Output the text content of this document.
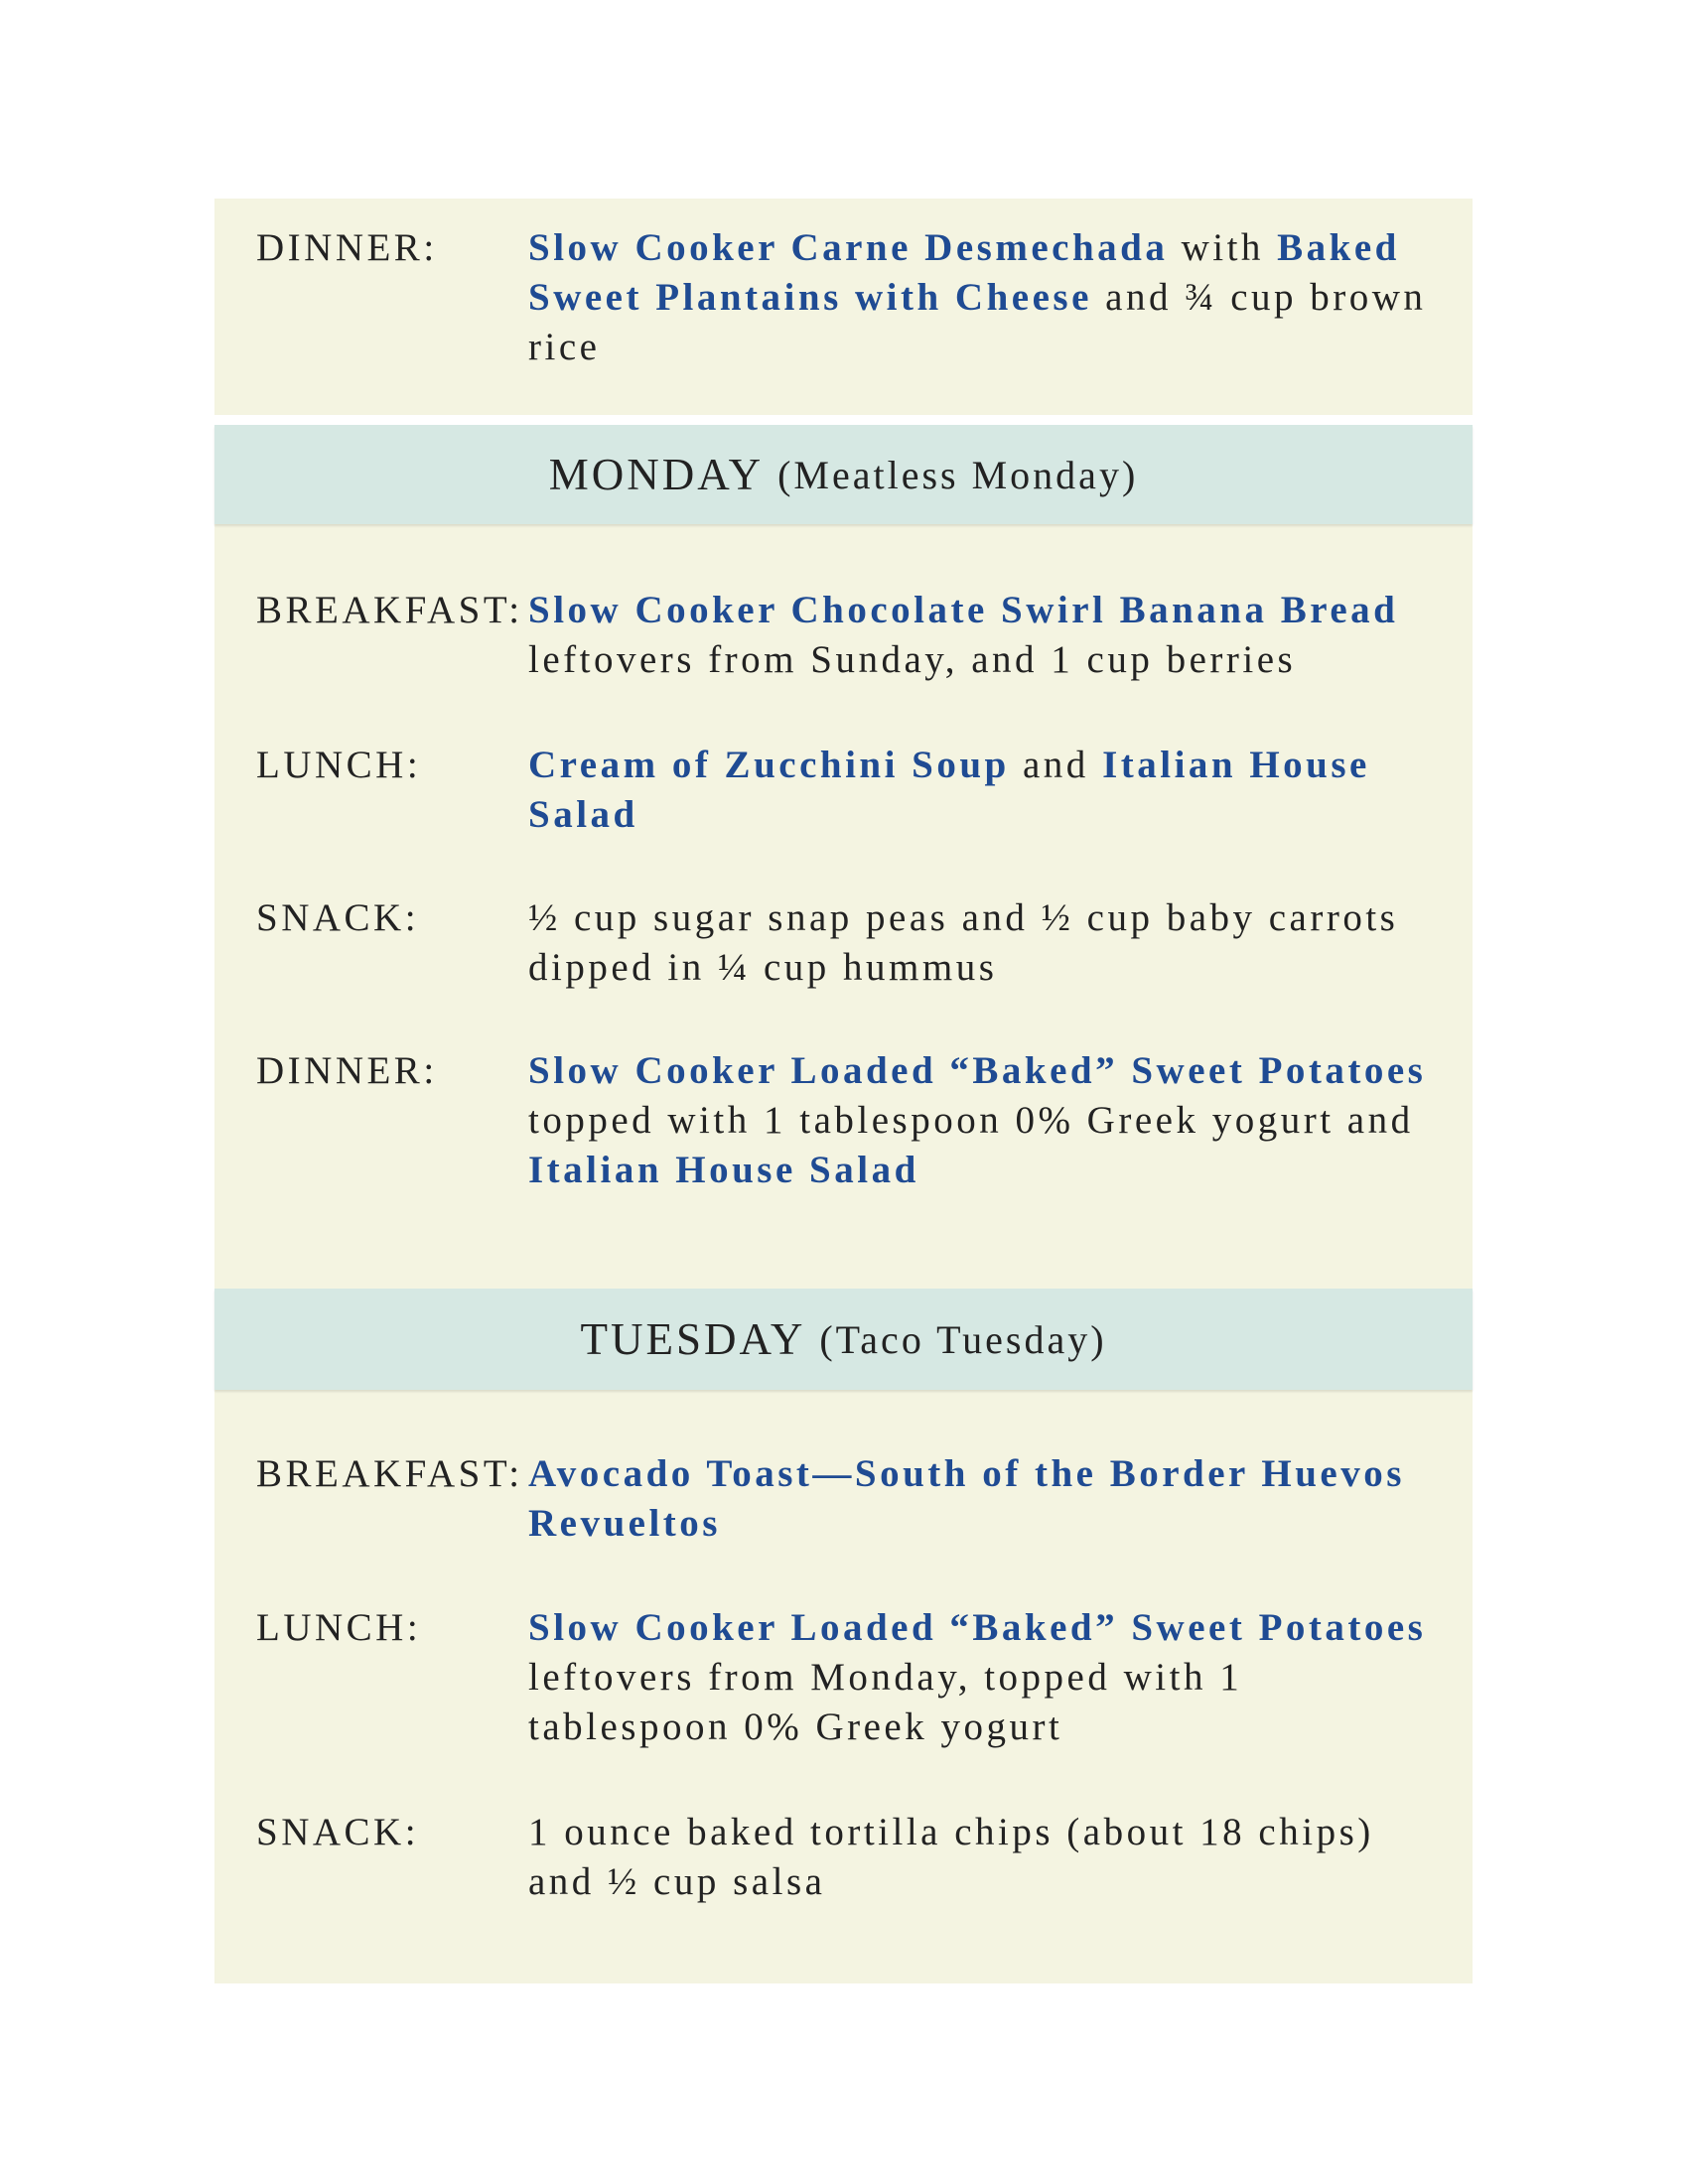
DINNER:	Slow Cooker Carne Desmechada with Baked Sweet Plantains with Cheese and ¾ cup brown rice
MONDAY (Meatless Monday)
BREAKFAST: Slow Cooker Chocolate Swirl Banana Bread leftovers from Sunday, and 1 cup berries
LUNCH:	Cream of Zucchini Soup and Italian House Salad
SNACK:	½ cup sugar snap peas and ½ cup baby carrots dipped in ¼ cup hummus
DINNER:	Slow Cooker Loaded “Baked” Sweet Potatoes topped with 1 tablespoon 0% Greek yogurt and Italian House Salad
TUESDAY (Taco Tuesday)
BREAKFAST: Avocado Toast—South of the Border Huevos Revueltos
LUNCH:	Slow Cooker Loaded “Baked” Sweet Potatoes leftovers from Monday, topped with 1 tablespoon 0% Greek yogurt
SNACK:	1 ounce baked tortilla chips (about 18 chips) and ½ cup salsa
